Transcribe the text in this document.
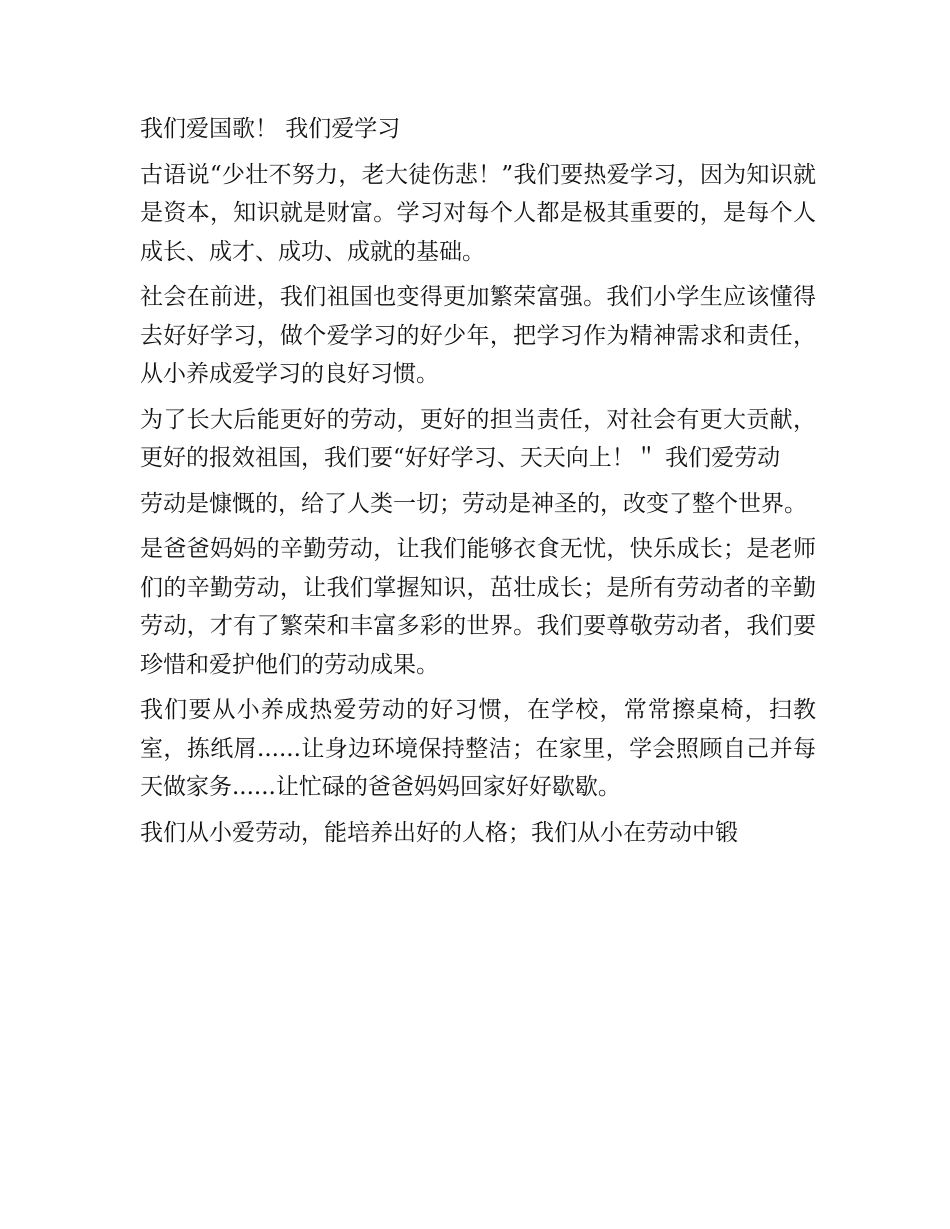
我们爱国歌！ 我们爱学习

古语说“少壮不努力，老大徒伤悲！”我们要热爱学习，因为知识就是资本，知识就是财富。学习对每个人都是极其重要的，是每个人成长、成才、成功、成就的基础。

社会在前进，我们祖国也变得更加繁荣富强。我们小学生应该懂得去好好学习，做个爱学习的好少年，把学习作为精神需求和责任，从小养成爱学习的良好习惯。

为了长大后能更好的劳动，更好的担当责任，对社会有更大贡献，更好的报效祖国，我们要“好好学习、天天向上！＂ 我们爱劳动

劳动是慷慨的，给了人类一切；劳动是神圣的，改变了整个世界。

是爸爸妈妈的辛勤劳动，让我们能够衣食无忧，快乐成长；是老师们的辛勤劳动，让我们掌握知识，茁壮成长；是所有劳动者的辛勤劳动，才有了繁荣和丰富多彩的世界。我们要尊敬劳动者，我们要珍惜和爱护他们的劳动成果。

我们要从小养成热爱劳动的好习惯，在学校，常常擦桌椅，扫教室，拣纸屑......让身边环境保持整洁；在家里，学会照顾自己并每天做家务......让忙碌的爸爸妈妈回家好好歇歇。

我们从小爱劳动，能培养出好的人格；我们从小在劳动中锻
